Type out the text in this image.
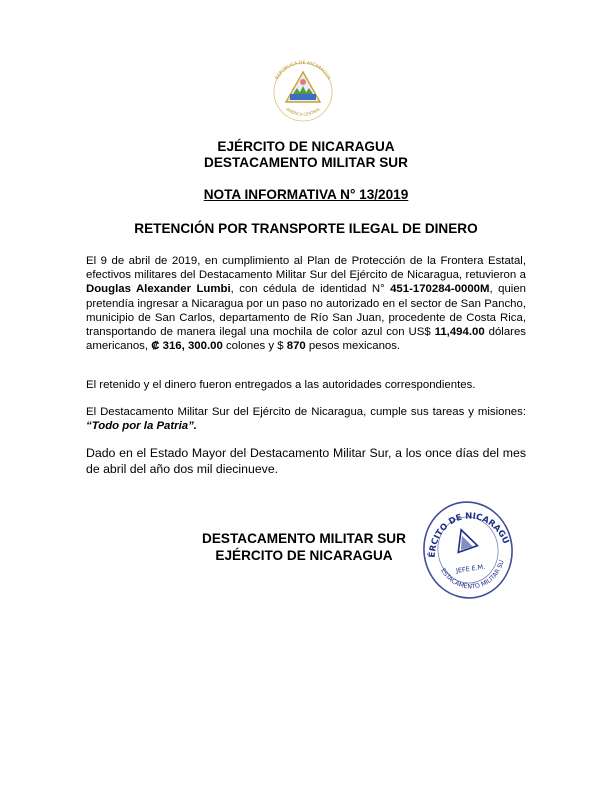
REPÚBLICA DE NICARAGUA
AMÉRICA CENTRAL
EJÉRCITO DE NICARAGUA
DESTACAMENTO MILITAR SUR
NOTA INFORMATIVA N° 13/2019
RETENCIÓN POR TRANSPORTE ILEGAL DE DINERO

El 9 de abril de 2019, en cumplimiento al Plan de Protección de la Frontera Estatal, efectivos militares del Destacamento Militar Sur del Ejército de Nicaragua, retuvieron a Douglas Alexander Lumbi, con cédula de identidad N° 451-170284-0000M, quien pretendía ingresar a Nicaragua por un paso no autorizado en el sector de San Pancho, municipio de San Carlos, departamento de Río San Juan, procedente de Costa Rica, transportando de manera ilegal una mochila de color azul con US$ 11,494.00 dólares americanos, ₡ 316, 300.00 colones y $ 870 pesos mexicanos.

El retenido y el dinero fueron entregados a las autoridades correspondientes.

El Destacamento Militar Sur del Ejército de Nicaragua, cumple sus tareas y misiones: “Todo por la Patria”.

Dado en el Estado Mayor del Destacamento Militar Sur, a los once días del mes de abril del año dos mil diecinueve.

DESTACAMENTO MILITAR SUR
EJÉRCITO DE NICARAGUA
EJÉRCITO DE NICARAGUA
DESTACAMENTO MILITAR SUR
JEFE E.M.
